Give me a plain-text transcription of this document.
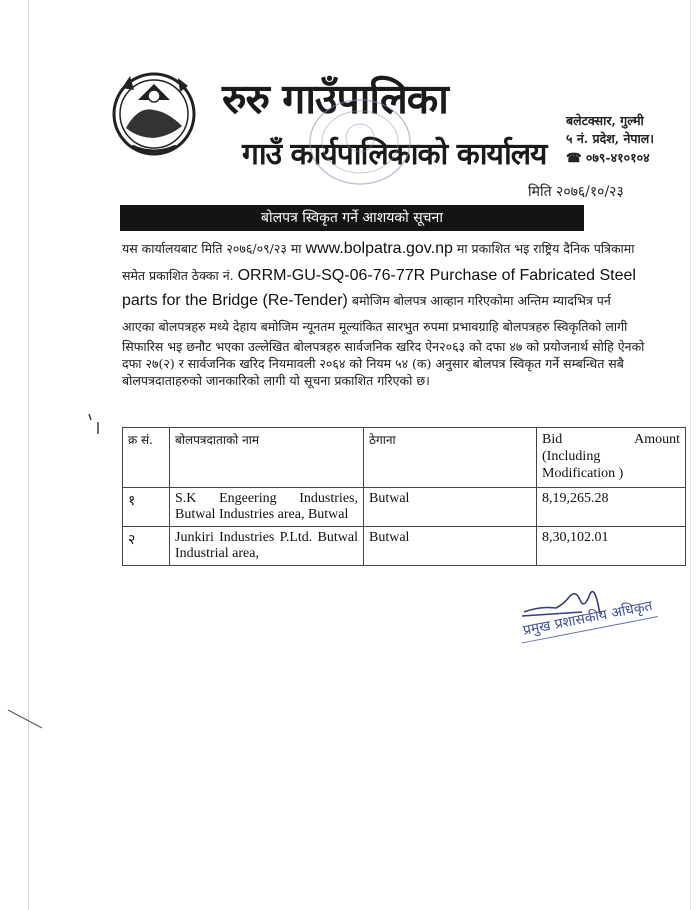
रुरु गाउँपालिका
गाउँ कार्यपालिकाको कार्यालय
बलेटक्सार, गुल्मी
५ नं. प्रदेश, नेपाल।
☎ ०७९-४१०१०४
मिति २०७६/१०/२३
बोलपत्र स्विकृत गर्ने आशयको सूचना
यस कार्यालयबाट मिति २०७६/०९/२३ मा www.bolpatra.gov.np मा प्रकाशित भइ राष्ट्रिय दैनिक पत्रिकामा
समेत प्रकाशित ठेक्का नं. ORRM-GU-SQ-06-76-77R Purchase of Fabricated Steel
parts for the Bridge (Re-Tender) बमोजिम बोलपत्र आव्हान गरिएकोमा अन्तिम म्यादभित्र पर्न
आएका बोलपत्रहरु मध्ये देहाय बमोजिम न्यूनतम मूल्यांकित सारभुत रुपमा प्रभावग्राहि बोलपत्रहरु स्विकृतिको लागी
सिफारिस भइ छनौट भएका उल्लेखित बोलपत्रहरु सार्वजनिक खरिद ऐन२०६३ को दफा ४७ को प्रयोजनार्थ सोहि ऐनको
दफा २७(२) र सार्वजनिक खरिद नियमावली २०६४ को नियम ५४ (क) अनुसार बोलपत्र स्विकृत गर्ने सम्बन्धित सबै
बोलपत्रदाताहरुको जानकारिको लागी यो सूचना प्रकाशित गरिएको छ।
क्र सं.	बोलपत्रदाताको नाम	ठेगाना	Bid Amount
(Including
Modification )

१	S.K Engeering Industries, Butwal Industries area, Butwal	Butwal	8,19,265.28
२	Junkiri Industries P.Ltd. Butwal Industrial area,	Butwal	8,30,102.01
प्रमुख प्रशासकीय अधिकृत
